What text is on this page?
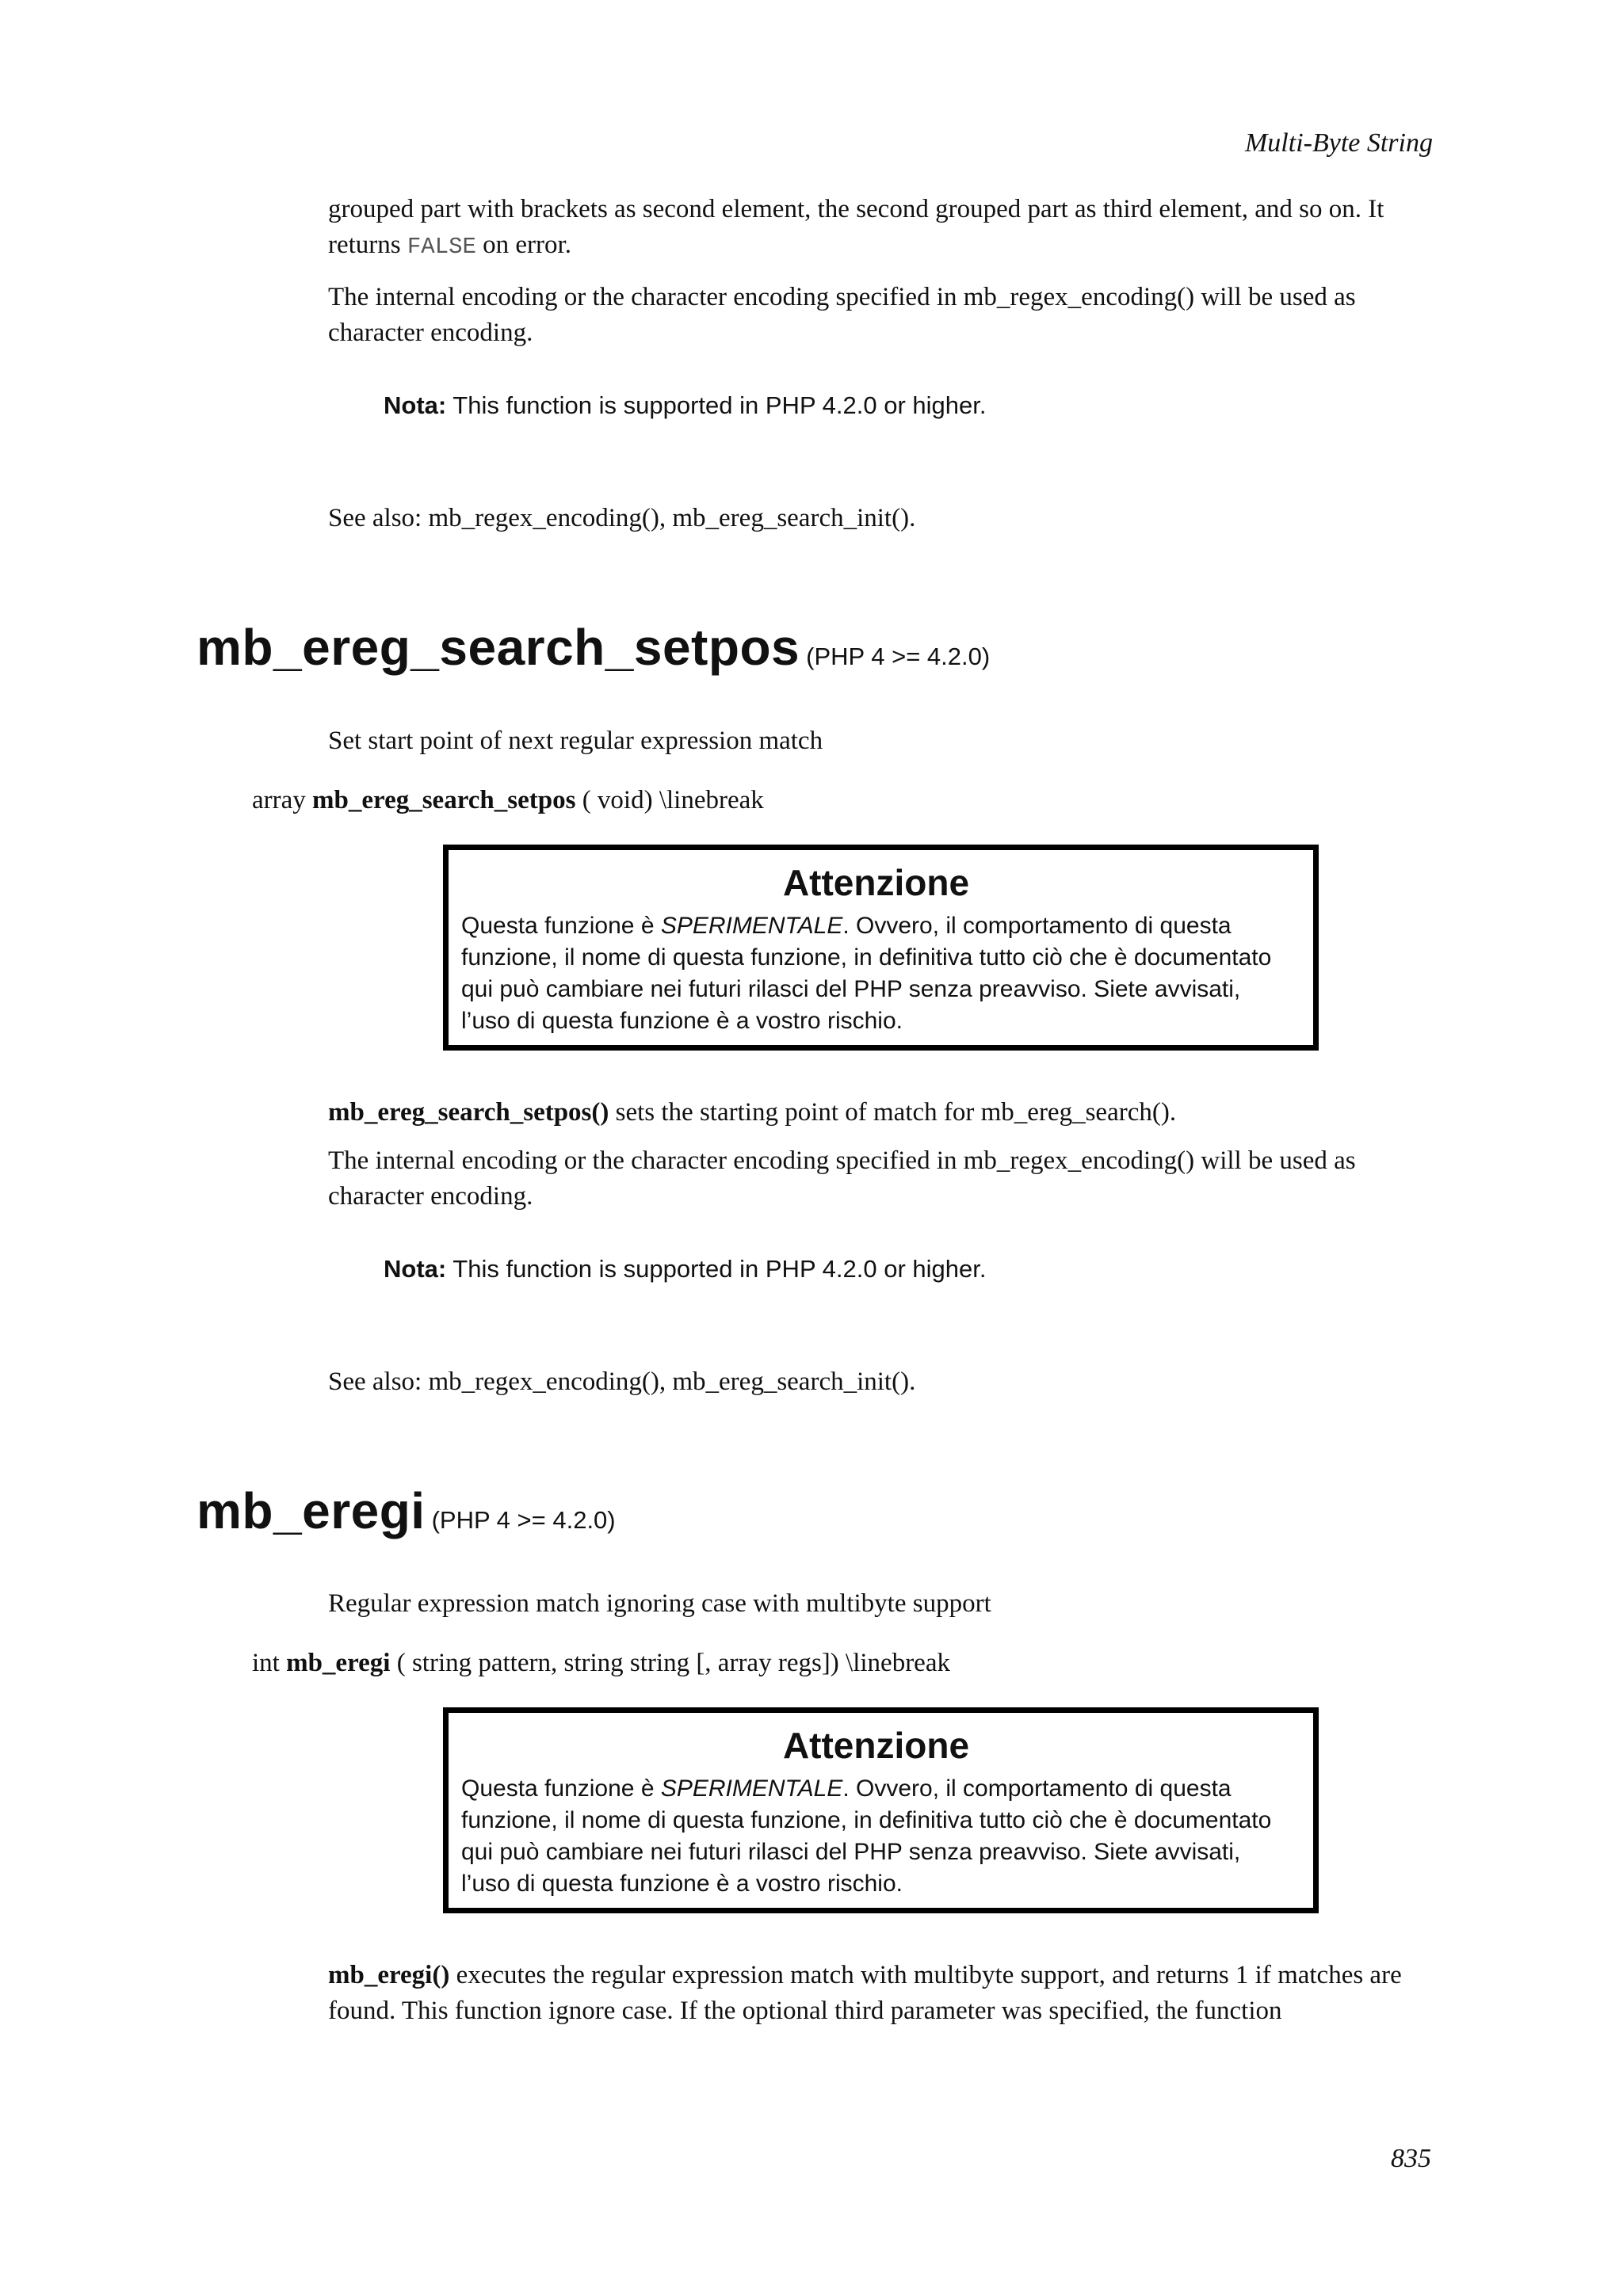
Multi-Byte String
grouped part with brackets as second element, the second grouped part as third element, and so on. It returns FALSE on error.
The internal encoding or the character encoding specified in mb_regex_encoding() will be used as character encoding.
Nota: This function is supported in PHP 4.2.0 or higher.
See also: mb_regex_encoding(), mb_ereg_search_init().
mb_ereg_search_setpos (PHP 4 >= 4.2.0)
Set start point of next regular expression match
array mb_ereg_search_setpos ( void) \linebreak
Attenzione
Questa funzione è SPERIMENTALE. Ovvero, il comportamento di questa funzione, il nome di questa funzione, in definitiva tutto ciò che è documentato qui può cambiare nei futuri rilasci del PHP senza preavviso. Siete avvisati, l’uso di questa funzione è a vostro rischio.
mb_ereg_search_setpos() sets the starting point of match for mb_ereg_search().
The internal encoding or the character encoding specified in mb_regex_encoding() will be used as character encoding.
Nota: This function is supported in PHP 4.2.0 or higher.
See also: mb_regex_encoding(), mb_ereg_search_init().
mb_eregi (PHP 4 >= 4.2.0)
Regular expression match ignoring case with multibyte support
int mb_eregi ( string pattern, string string [, array regs]) \linebreak
Attenzione
Questa funzione è SPERIMENTALE. Ovvero, il comportamento di questa funzione, il nome di questa funzione, in definitiva tutto ciò che è documentato qui può cambiare nei futuri rilasci del PHP senza preavviso. Siete avvisati, l’uso di questa funzione è a vostro rischio.
mb_eregi() executes the regular expression match with multibyte support, and returns 1 if matches are found. This function ignore case. If the optional third parameter was specified, the function
835
